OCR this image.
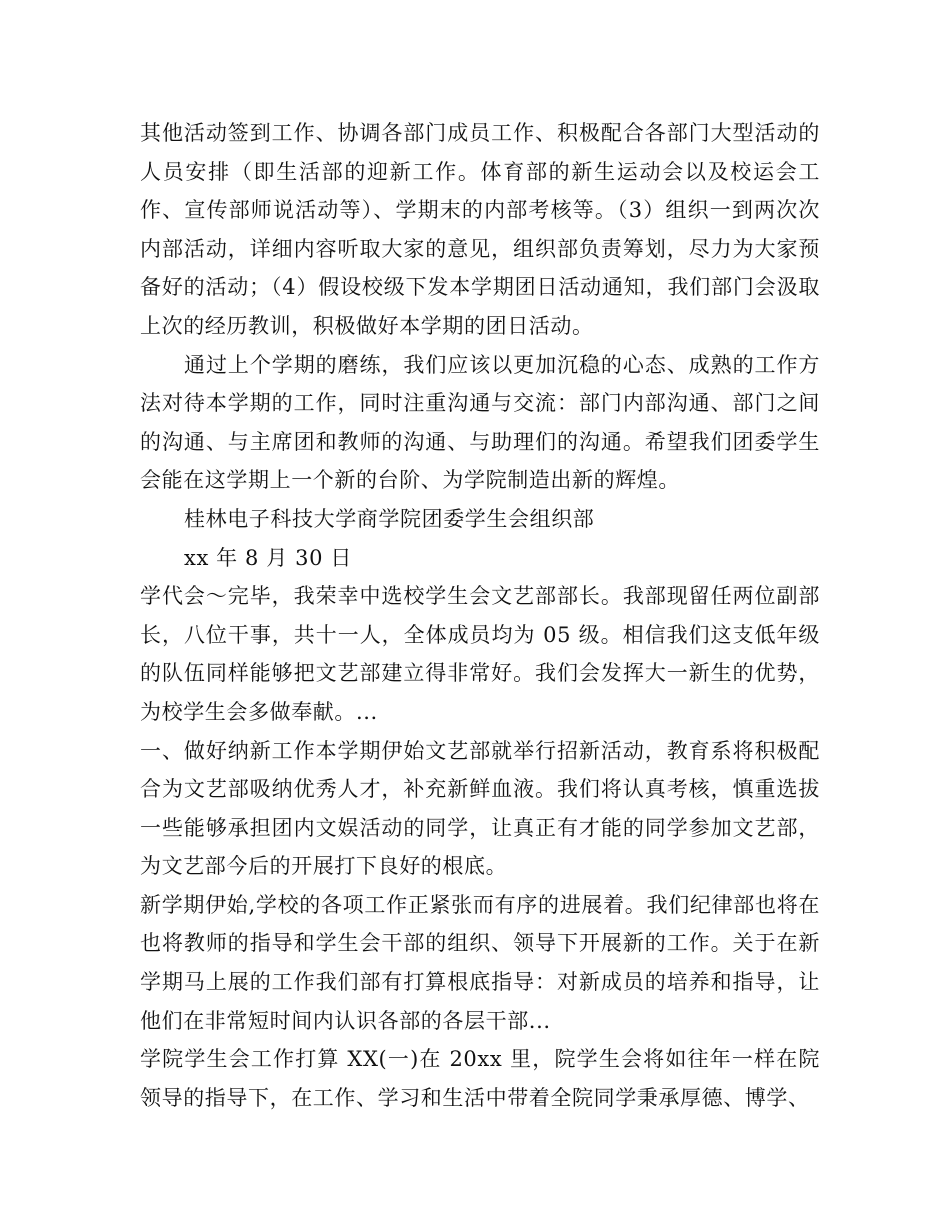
其他活动签到工作、协调各部门成员工作、积极配合各部门大型活动的人员安排（即生活部的迎新工作。体育部的新生运动会以及校运会工作、宣传部师说活动等）、学期末的内部考核等。（3）组织一到两次次内部活动，详细内容听取大家的意见，组织部负责筹划，尽力为大家预备好的活动；（4）假设校级下发本学期团日活动通知，我们部门会汲取上次的经历教训，积极做好本学期的团日活动。

通过上个学期的磨练，我们应该以更加沉稳的心态、成熟的工作方法对待本学期的工作，同时注重沟通与交流：部门内部沟通、部门之间的沟通、与主席团和教师的沟通、与助理们的沟通。希望我们团委学生会能在这学期上一个新的台阶、为学院制造出新的辉煌。

桂林电子科技大学商学院团委学生会组织部

xx 年 8 月 30 日

学代会～完毕，我荣幸中选校学生会文艺部部长。我部现留任两位副部长，八位干事，共十一人，全体成员均为 05 级。相信我们这支低年级的队伍同样能够把文艺部建立得非常好。我们会发挥大一新生的优势，为校学生会多做奉献。...

一、做好纳新工作本学期伊始文艺部就举行招新活动，教育系将积极配合为文艺部吸纳优秀人才，补充新鲜血液。我们将认真考核，慎重选拔一些能够承担团内文娱活动的同学，让真正有才能的同学参加文艺部，为文艺部今后的开展打下良好的根底。

新学期伊始,学校的各项工作正紧张而有序的进展着。我们纪律部也将在也将教师的指导和学生会干部的组织、领导下开展新的工作。关于在新学期马上展的工作我们部有打算根底指导：对新成员的培养和指导，让他们在非常短时间内认识各部的各层干部...

学院学生会工作打算 XX(一)在 20xx 里，院学生会将如往年一样在院领导的指导下，在工作、学习和生活中带着全院同学秉承厚德、博学、
